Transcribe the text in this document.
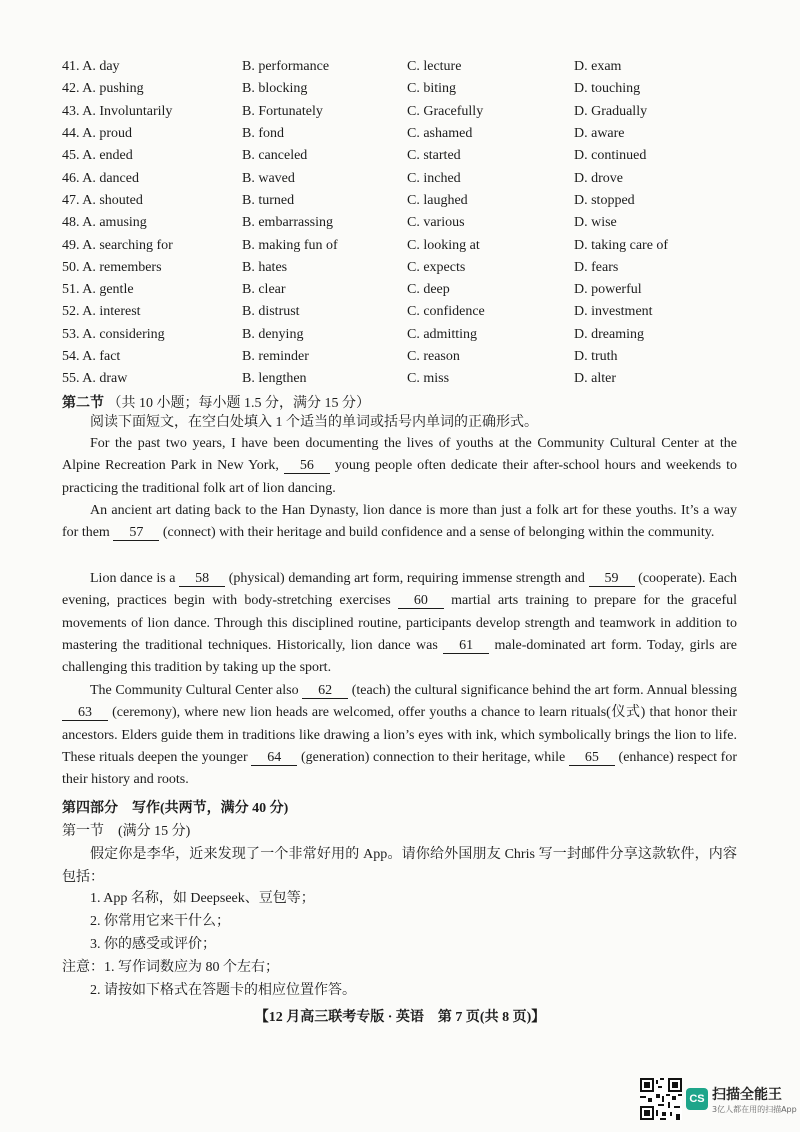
41. A. day	B. performance	C. lecture	D. exam
42. A. pushing	B. blocking	C. biting	D. touching
43. A. Involuntarily	B. Fortunately	C. Gracefully	D. Gradually
44. A. proud	B. fond	C. ashamed	D. aware
45. A. ended	B. canceled	C. started	D. continued
46. A. danced	B. waved	C. inched	D. drove
47. A. shouted	B. turned	C. laughed	D. stopped
48. A. amusing	B. embarrassing	C. various	D. wise
49. A. searching for	B. making fun of	C. looking at	D. taking care of
50. A. remembers	B. hates	C. expects	D. fears
51. A. gentle	B. clear	C. deep	D. powerful
52. A. interest	B. distrust	C. confidence	D. investment
53. A. considering	B. denying	C. admitting	D. dreaming
54. A. fact	B. reminder	C. reason	D. truth
55. A. draw	B. lengthen	C. miss	D. alter
第二节 （共 10 小题；每小题 1.5 分，满分 15 分）
阅读下面短文，在空白处填入 1 个适当的单词或括号内单词的正确形式。
For the past two years, I have been documenting the lives of youths at the Community Cultural Center at the Alpine Recreation Park in New York, 56 young people often dedicate their after-school hours and weekends to practicing the traditional folk art of lion dancing.
An ancient art dating back to the Han Dynasty, lion dance is more than just a folk art for these youths. It’s a way for them 57 (connect) with their heritage and build confidence and a sense of belonging within the community.
Lion dance is a 58 (physical) demanding art form, requiring immense strength and 59 (cooperate). Each evening, practices begin with body-stretching exercises 60 martial arts training to prepare for the graceful movements of lion dance. Through this disciplined routine, participants develop strength and teamwork in addition to mastering the traditional techniques. Historically, lion dance was 61 male-dominated art form. Today, girls are challenging this tradition by taking up the sport.
The Community Cultural Center also 62 (teach) the cultural significance behind the art form. Annual blessing 63 (ceremony), where new lion heads are welcomed, offer youths a chance to learn rituals(仪式) that honor their ancestors. Elders guide them in traditions like drawing a lion’s eyes with ink, which symbolically brings the lion to life. These rituals deepen the younger 64 (generation) connection to their heritage, while 65 (enhance) respect for their history and roots.
第四部分　写作(共两节，满分 40 分)
第一节　(满分 15 分)
假定你是李华，近来发现了一个非常好用的 App。请你给外国朋友 Chris 写一封邮件分享这款软件，内容包括：
1. App 名称，如 Deepseek、豆包等；
2. 你常用它来干什么；
3. 你的感受或评价；
注意：1. 写作词数应为 80 个左右；
2. 请按如下格式在答题卡的相应位置作答。
【12 月高三联考专版 · 英语　第 7 页(共 8 页)】
CS 扫描全能王
3亿人都在用的扫描App
